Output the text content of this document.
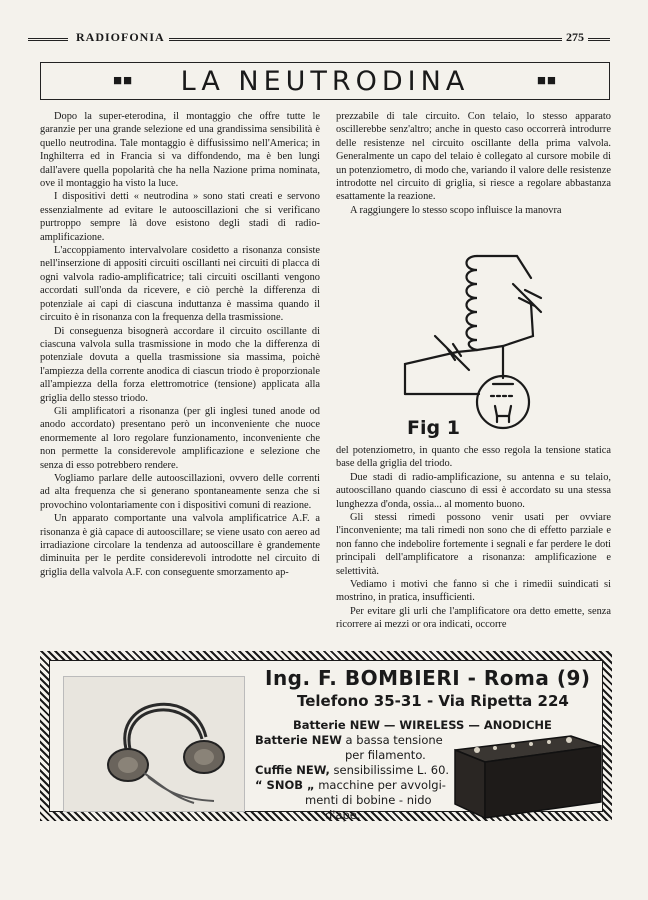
RADIOFONIA	275
■■	LA NEUTRODINA	■■

Dopo la super-eterodina, il montaggio che offre tutte le garanzie per una grande selezione ed una grandissima sensibilità è quello neutrodina. Tale montaggio è diffusissimo nell'America; in Inghilterra ed in Francia si va diffondendo, ma è ben lungi dall'avere quella popolarità che ha nella Nazione prima nominata, ove il montaggio ha visto la luce.

I dispositivi detti « neutrodina » sono stati creati e servono essenzialmente ad evitare le autooscillazioni che si verificano purtroppo sempre là dove esistono degli stadi di radio-amplificazione.

L'accoppiamento intervalvolare cosidetto a risonanza consiste nell'inserzione di appositi circuiti oscillanti nei circuiti di placca di ogni valvola radio-amplificatrice; tali circuiti oscillanti vengono accordati sull'onda da ricevere, e ciò perchè la differenza di potenziale ai capi di ciascuna induttanza è massima quando il circuito è in risonanza con la frequenza della trasmissione.

Di conseguenza bisognerà accordare il circuito oscillante di ciascuna valvola sulla trasmissione in modo che la differenza di potenziale dovuta a quella trasmissione sia massima, poichè l'ampiezza della corrente anodica di ciascun triodo è proporzionale all'ampiezza della forza elettromotrice (tensione) applicata alla griglia dello stesso triodo.

Gli amplificatori a risonanza (per gli inglesi tuned anode od anodo accordato) presentano però un inconveniente che nuoce enormemente al loro regolare funzionamento, inconveniente che non permette la considerevole amplificazione e selezione che senza di esso potrebbero rendere.

Vogliamo parlare delle autooscillazioni, ovvero delle correnti ad alta frequenza che si generano spontaneamente senza che si provochino volontariamente con i dispositivi comuni di reazione.

Un apparato comportante una valvola amplificatrice A.F. a risonanza è già capace di autooscillare; se viene usato con aereo ad irradiazione circolare la tendenza ad autooscillare è grandemente diminuita per le perdite considerevoli introdotte nel circuito di griglia della valvola A.F. con conseguente smorzamento ap-

prezzabile di tale circuito. Con telaio, lo stesso apparato oscillerebbe senz'altro; anche in questo caso occorrerà introdurre delle resistenze nel circuito oscillante della prima valvola. Generalmente un capo del telaio è collegato al cursore mobile di un potenziometro, di modo che, variando il valore delle resistenze introdotte nel circuito di griglia, si riesce a regolare abbastanza esattamente la reazione.

A raggiungere lo stesso scopo influisce la manovra

Fig 1

del potenziometro, in quanto che esso regola la tensione statica base della griglia del triodo.

Due stadi di radio-amplificazione, su antenna e su telaio, autooscillano quando ciascuno di essi è accordato su una stessa lunghezza d'onda, ossia... al momento buono.

Gli stessi rimedi possono venir usati per ovviare l'inconveniente; ma tali rimedi non sono che di effetto parziale e non fanno che indebolire fortemente i segnali e far perdere le doti principali dell'amplificatore a risonanza: amplificazione e selettività.

Vediamo i motivi che fanno sì che i rimedii suindicati si mostrino, in pratica, insufficienti.

Per evitare gli urli che l'amplificatore ora detto emette, senza ricorrere ai mezzi or ora indicati, occorre

Ing. F. BOMBIERI - Roma (9)
Telefono 35-31 - Via Ripetta 224
Batterie NEW — WIRELESS — ANODICHE
Batterie NEW a bassa tensione
per filamento.
Cuffie NEW, sensibilissime L. 60.
“ SNOB „ macchine per avvolgi-
menti di bobine - nido
d'ape.
